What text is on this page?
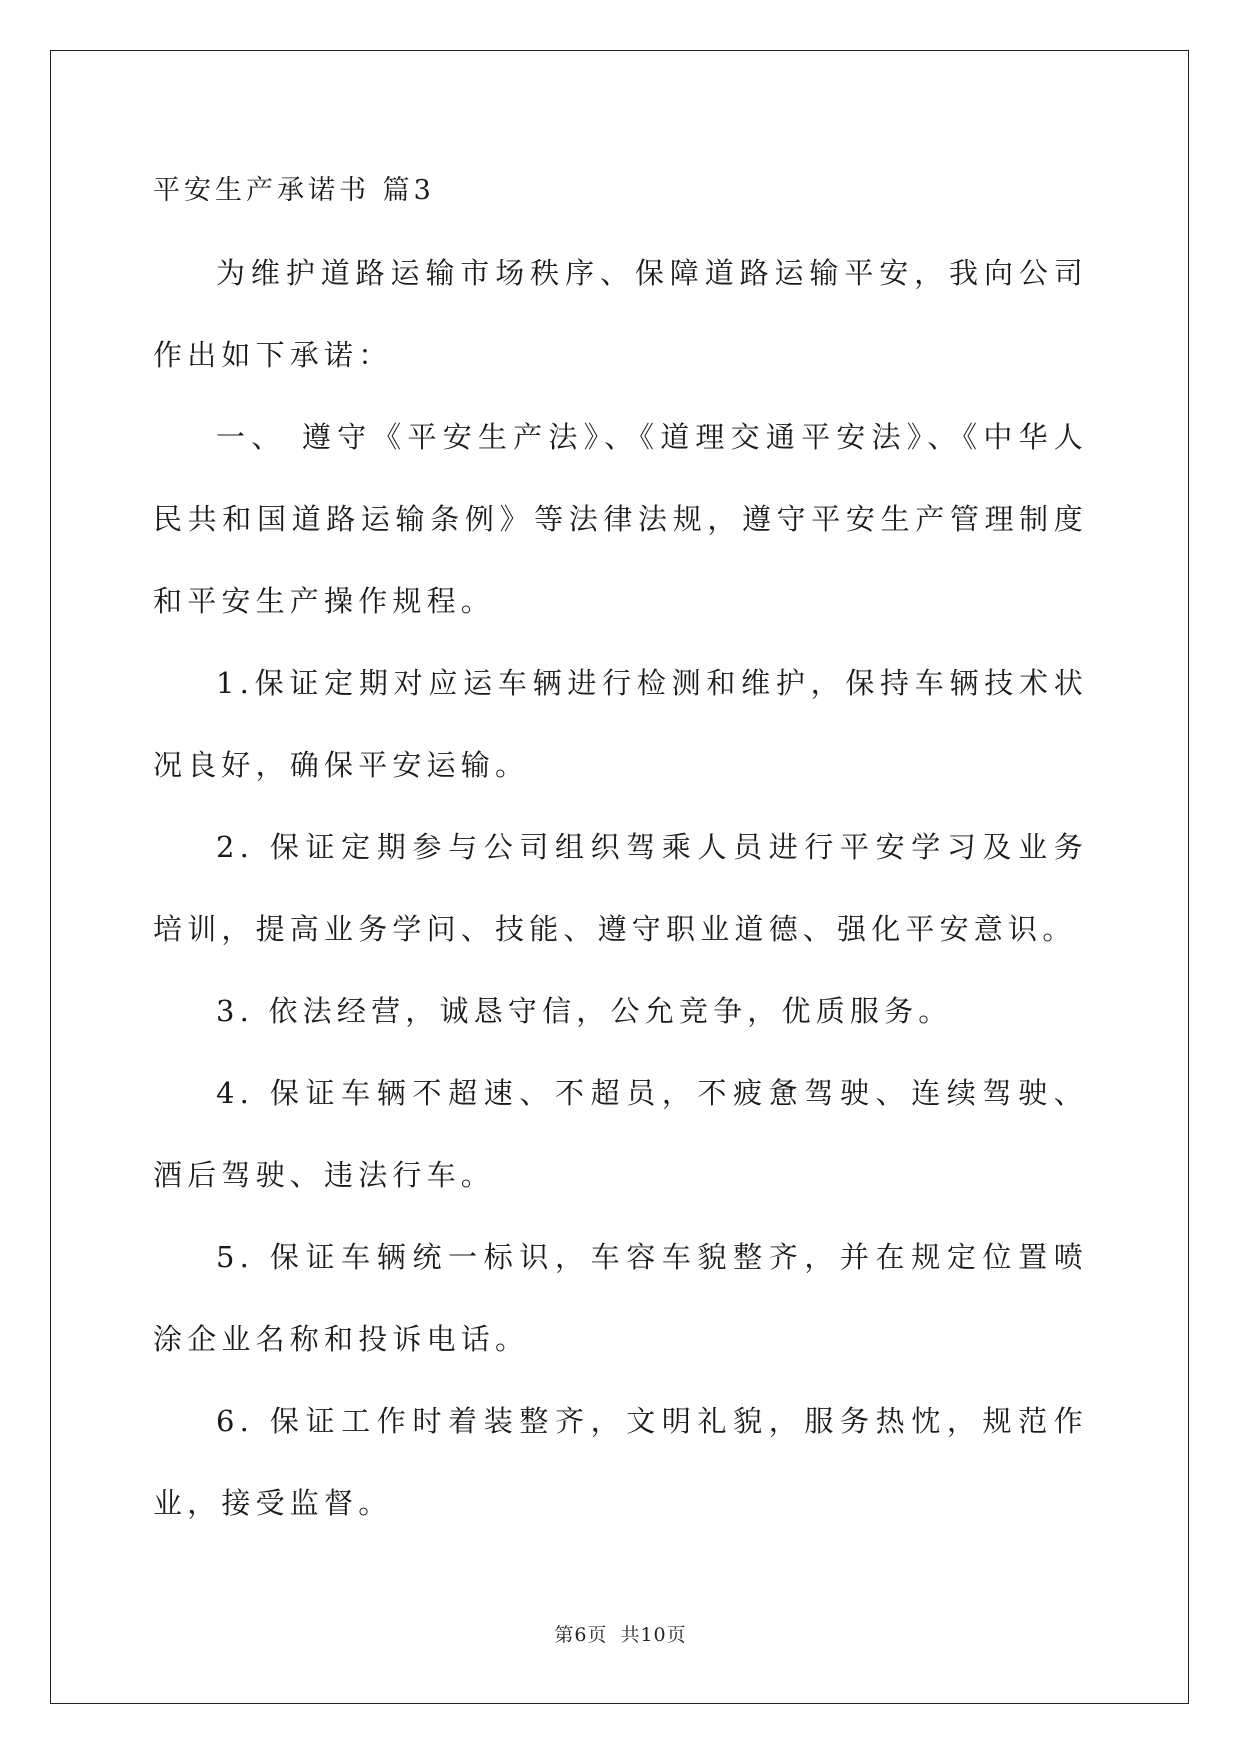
平安生产承诺书 篇3

为维护道路运输市场秩序、保障道路运输平安，我向公司作出如下承诺：

一、 遵守《平安生产法》、《道理交通平安法》、《中华人民共和国道路运输条例》等法律法规，遵守平安生产管理制度和平安生产操作规程。

1.保证定期对应运车辆进行检测和维护，保持车辆技术状况良好，确保平安运输。

2. 保证定期参与公司组织驾乘人员进行平安学习及业务培训，提高业务学问、技能、遵守职业道德、强化平安意识。

3. 依法经营，诚恳守信，公允竞争，优质服务。

4. 保证车辆不超速、不超员，不疲惫驾驶、连续驾驶、酒后驾驶、违法行车。

5. 保证车辆统一标识，车容车貌整齐，并在规定位置喷涂企业名称和投诉电话。

6. 保证工作时着装整齐，文明礼貌，服务热忱，规范作业，接受监督。

第6页 共10页
